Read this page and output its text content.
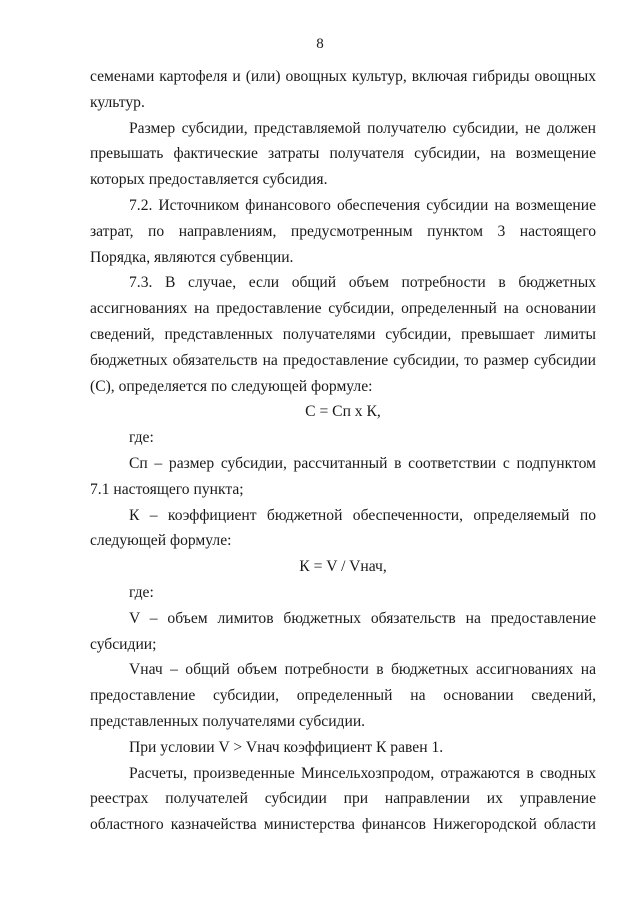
8

семенами картофеля и (или) овощных культур, включая гибриды овощных культур.

Размер субсидии, представляемой получателю субсидии, не должен превышать фактические затраты получателя субсидии, на возмещение которых предоставляется субсидия.

7.2. Источником финансового обеспечения субсидии на возмещение затрат, по направлениям, предусмотренным пунктом 3 настоящего Порядка, являются субвенции.

7.3. В случае, если общий объем потребности в бюджетных ассигнованиях на предоставление субсидии, определенный на основании сведений, представленных получателями субсидии, превышает лимиты бюджетных обязательств на предоставление субсидии, то размер субсидии (С), определяется по следующей формуле:

С = Сп х К,

где:

Сп – размер субсидии, рассчитанный в соответствии с подпунктом 7.1 настоящего пункта;

К – коэффициент бюджетной обеспеченности, определяемый по следующей формуле:

К = V / Vнач,

где:

V – объем лимитов бюджетных обязательств на предоставление субсидии;

Vнач – общий объем потребности в бюджетных ассигнованиях на предоставление субсидии, определенный на основании сведений, представленных получателями субсидии.

При условии V > Vнач коэффициент К равен 1.

Расчеты, произведенные Минсельхозпродом, отражаются в сводных реестрах получателей субсидии при направлении их управление областного казначейства министерства финансов Нижегородской области
